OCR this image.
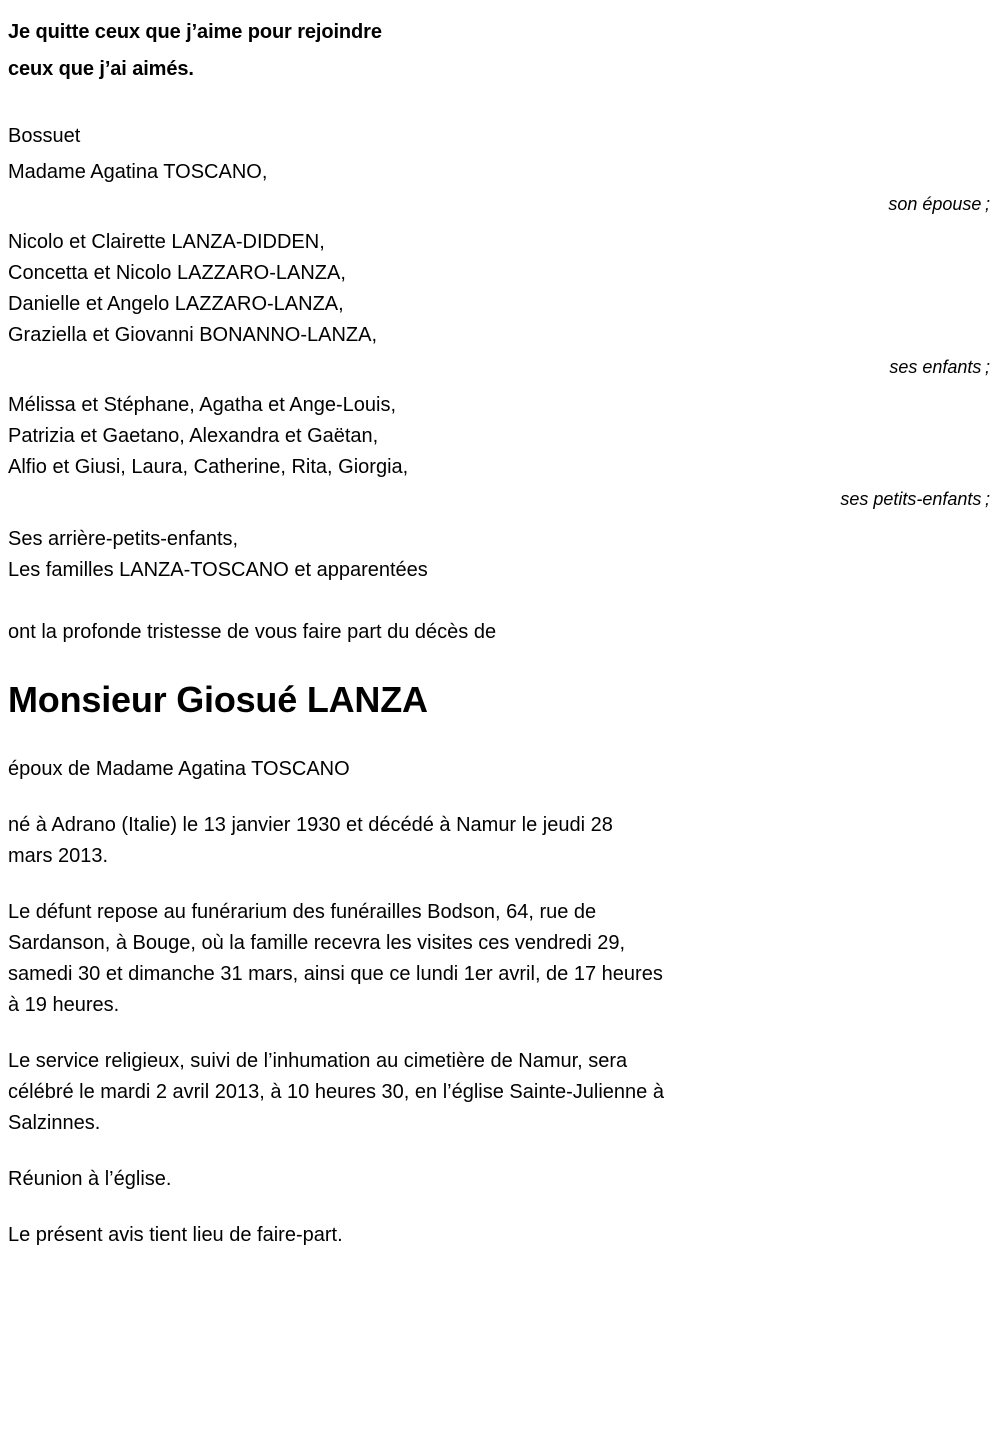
Je quitte ceux que j’aime pour rejoindre
ceux que j’ai aimés.
Bossuet
Madame Agatina TOSCANO,
son épouse ;
Nicolo et Clairette LANZA-DIDDEN,
Concetta et Nicolo LAZZARO-LANZA,
Danielle et Angelo LAZZARO-LANZA,
Graziella et Giovanni BONANNO-LANZA,
ses enfants ;
Mélissa et Stéphane, Agatha et Ange-Louis,
Patrizia et Gaetano, Alexandra et Gaëtan,
Alfio et Giusi, Laura, Catherine, Rita, Giorgia,
ses petits-enfants ;
Ses arrière-petits-enfants,
Les familles LANZA-TOSCANO et apparentées
ont la profonde tristesse de vous faire part du décès de
Monsieur Giosué LANZA
époux de Madame Agatina TOSCANO
né à Adrano (Italie) le 13 janvier 1930 et décédé à Namur le jeudi 28
mars 2013.
Le défunt repose au funérarium des funérailles Bodson, 64, rue de
Sardanson, à Bouge, où la famille recevra les visites ces vendredi 29,
samedi 30 et dimanche 31 mars, ainsi que ce lundi 1er avril, de 17 heures
à 19 heures.
Le service religieux, suivi de l’inhumation au cimetière de Namur, sera
célébré le mardi 2 avril 2013, à 10 heures 30, en l’église Sainte-Julienne à
Salzinnes.
Réunion à l’église.
Le présent avis tient lieu de faire-part.
